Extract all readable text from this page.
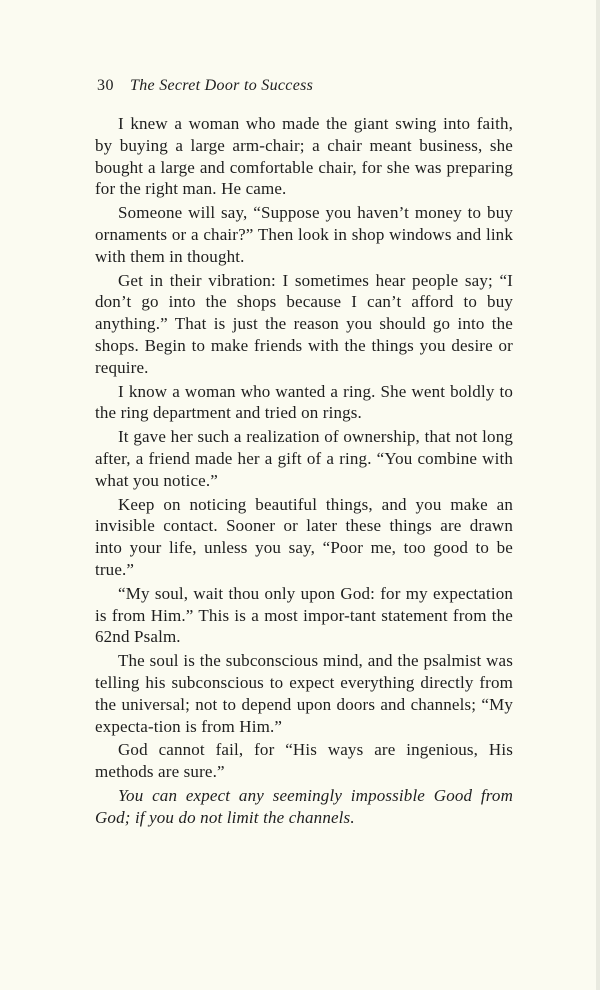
30 The Secret Door to Success

I knew a woman who made the giant swing into faith, by buying a large arm-chair; a chair meant business, she bought a large and comfortable chair, for she was preparing for the right man. He came.

Someone will say, “Suppose you haven’t money to buy ornaments or a chair?” Then look in shop windows and link with them in thought.

Get in their vibration: I sometimes hear people say; “I don’t go into the shops because I can’t afford to buy anything.” That is just the reason you should go into the shops. Begin to make friends with the things you desire or require.

I know a woman who wanted a ring. She went boldly to the ring department and tried on rings.

It gave her such a realization of ownership, that not long after, a friend made her a gift of a ring. “You combine with what you notice.”

Keep on noticing beautiful things, and you make an invisible contact. Sooner or later these things are drawn into your life, unless you say, “Poor me, too good to be true.”

“My soul, wait thou only upon God: for my expectation is from Him.” This is a most impor-tant statement from the 62nd Psalm.

The soul is the subconscious mind, and the psalmist was telling his subconscious to expect everything directly from the universal; not to depend upon doors and channels; “My expecta-tion is from Him.”

God cannot fail, for “His ways are ingenious, His methods are sure.”

You can expect any seemingly impossible Good from God; if you do not limit the channels.
